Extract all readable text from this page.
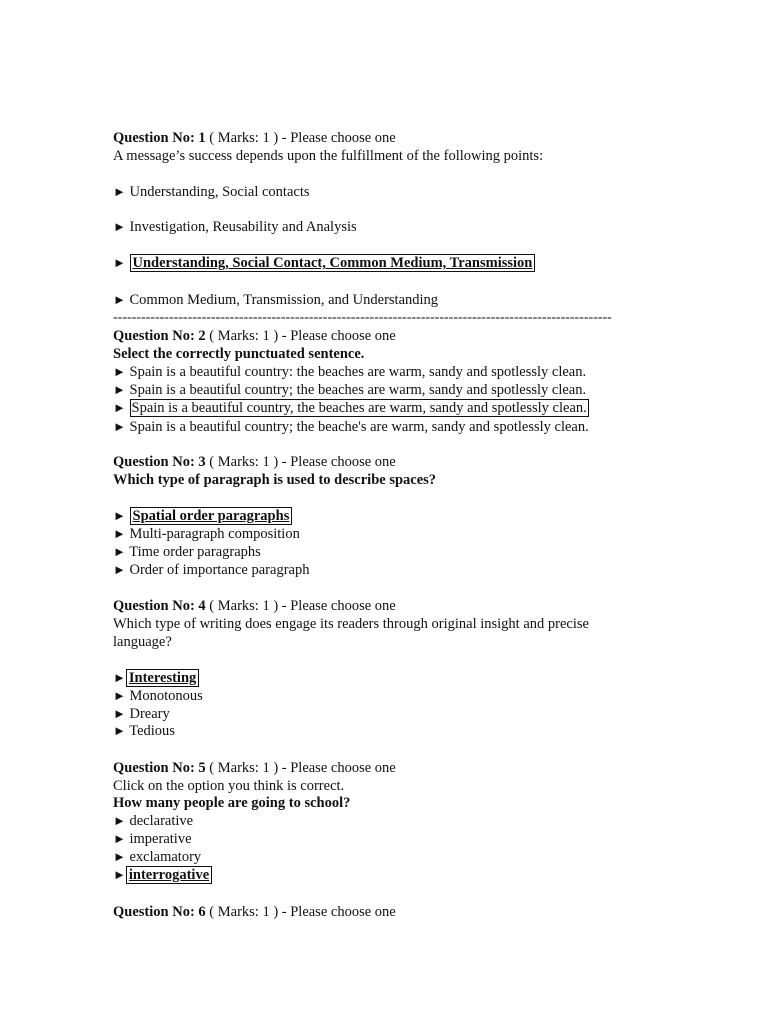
Question No: 1 ( Marks: 1 ) - Please choose one
A message’s success depends upon the fulfillment of the following points:
► Understanding, Social contacts
► Investigation, Reusability and Analysis
► Understanding, Social Contact, Common Medium, Transmission
► Common Medium, Transmission, and Understanding
-----------------------------------------------------------------------------------------------------------
Question No: 2 ( Marks: 1 ) - Please choose one
Select the correctly punctuated sentence.
► Spain is a beautiful country: the beaches are warm, sandy and spotlessly clean.
► Spain is a beautiful country; the beaches are warm, sandy and spotlessly clean.
► Spain is a beautiful country, the beaches are warm, sandy and spotlessly clean.
► Spain is a beautiful country; the beache's are warm, sandy and spotlessly clean.
Question No: 3 ( Marks: 1 ) - Please choose one
Which type of paragraph is used to describe spaces?
► Spatial order paragraphs
► Multi-paragraph composition
► Time order paragraphs
► Order of importance paragraph
Question No: 4 ( Marks: 1 ) - Please choose one
Which type of writing does engage its readers through original insight and precise language?
► Interesting
► Monotonous
► Dreary
► Tedious
Question No: 5 ( Marks: 1 ) - Please choose one
Click on the option you think is correct.
How many people are going to school?
► declarative
► imperative
► exclamatory
► interrogative
Question No: 6 ( Marks: 1 ) - Please choose one
